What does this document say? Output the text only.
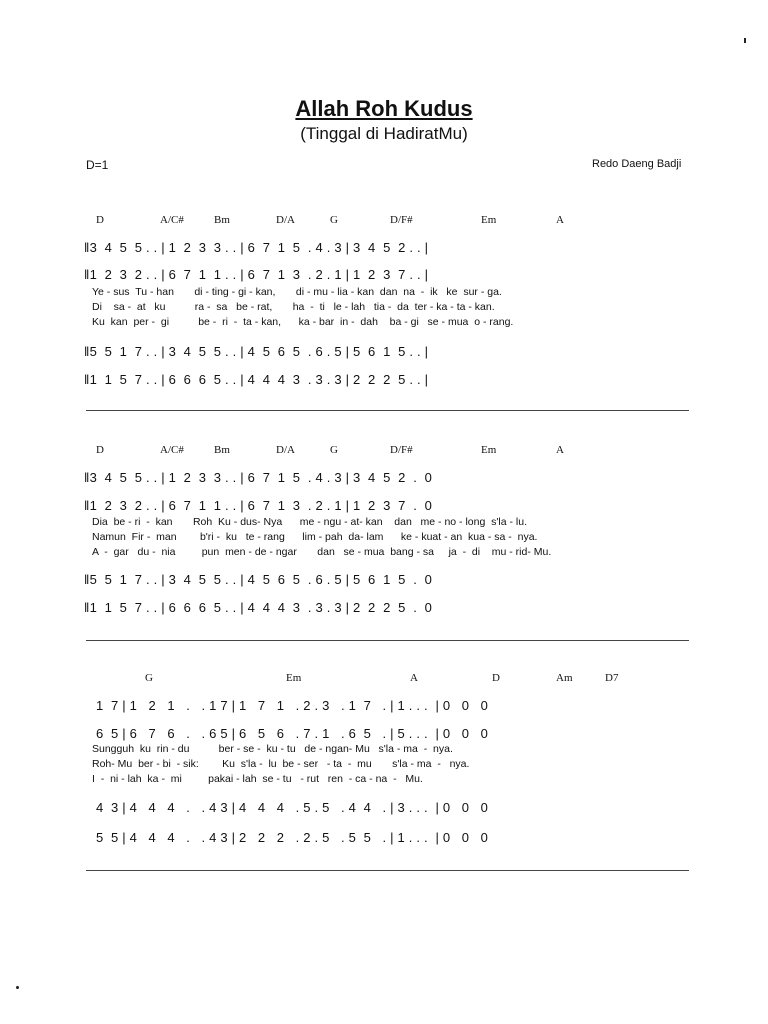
Allah Roh Kudus
(Tinggal di HadiratMu)
D=1	Redo Daeng Badji
D	A/C#	Bm	D/A	G	D/F#	Em	A
‖3  4  5  5 . . | 1  2  3  3 . . | 6  7  1  5  . 4 . 3 | 3  4  5  2 . . |
‖1  2  3  2 . . | 6  7  1  1 . . | 6  7  1  3  . 2 . 1 | 1  2  3  7 . . |
Ye - sus  Tu - han       di - ting - gi - kan,       di - mu - lia - kan  dan  na  -  ik   ke  sur - ga.
Di    sa -  at   ku          ra -  sa   be - rat,       ha  -  ti   le - lah   tia -  da  ter - ka - ta - kan.
Ku  kan  per -  gi          be -  ri  -  ta - kan,      ka - bar  in -  dah    ba - gi   se - mua  o - rang.
‖5  5  1  7 . . | 3  4  5  5 . . | 4  5  6  5  . 6 . 5 | 5  6  1  5 . . |
‖1  1  5  7 . . | 6  6  6  5 . . | 4  4  4  3  . 3 . 3 | 2  2  2  5 . . |
D	A/C#	Bm	D/A	G	D/F#	Em	A
‖3  4  5  5 . . | 1  2  3  3 . . | 6  7  1  5  . 4 . 3 | 3  4  5  2  .  0
‖1  2  3  2 . . | 6  7  1  1 . . | 6  7  1  3  . 2 . 1 | 1  2  3  7  .  0
Dia  be - ri  -  kan       Roh  Ku - dus- Nya      me - ngu - at- kan    dan   me - no - long  s'la - lu.
Namun  Fir -  man        b'ri -  ku   te - rang      lim - pah  da- lam      ke - kuat - an  kua - sa -  nya.
A  -  gar   du -  nia         pun  men - de - ngar       dan   se - mua  bang - sa     ja  -  di    mu - rid- Mu.
‖5  5  1  7 . . | 3  4  5  5 . . | 4  5  6  5  . 6 . 5 | 5  6  1  5  .  0
‖1  1  5  7 . . | 6  6  6  5 . . | 4  4  4  3  . 3 . 3 | 2  2  2  5  .  0
G	Em	A	D	Am	D7
1  7 | 1   2   1   .   . 1 7 | 1   7   1   . 2 . 3   . 1  7   . | 1 . . .  | 0   0   0
6  5 | 6   7   6   .   . 6 5 | 6   5   6   . 7 . 1   . 6  5   . | 5 . . .  | 0   0   0
Sungguh  ku  rin - du          ber - se -  ku - tu   de - ngan- Mu   s'la - ma  -  nya.
Roh- Mu  ber - bi  - sik:        Ku  s'la -  lu  be - ser   - ta  -  mu       s'la - ma  -   nya.
I  -  ni - lah  ka -  mi         pakai - lah  se - tu   - rut   ren  - ca - na  -   Mu.
4  3 | 4   4   4   .   . 4 3 | 4   4   4   . 5 . 5   . 4  4   . | 3 . . .  | 0   0   0
5  5 | 4   4   4   .   . 4 3 | 2   2   2   . 2 . 5   . 5  5   . | 1 . . .  | 0   0   0
